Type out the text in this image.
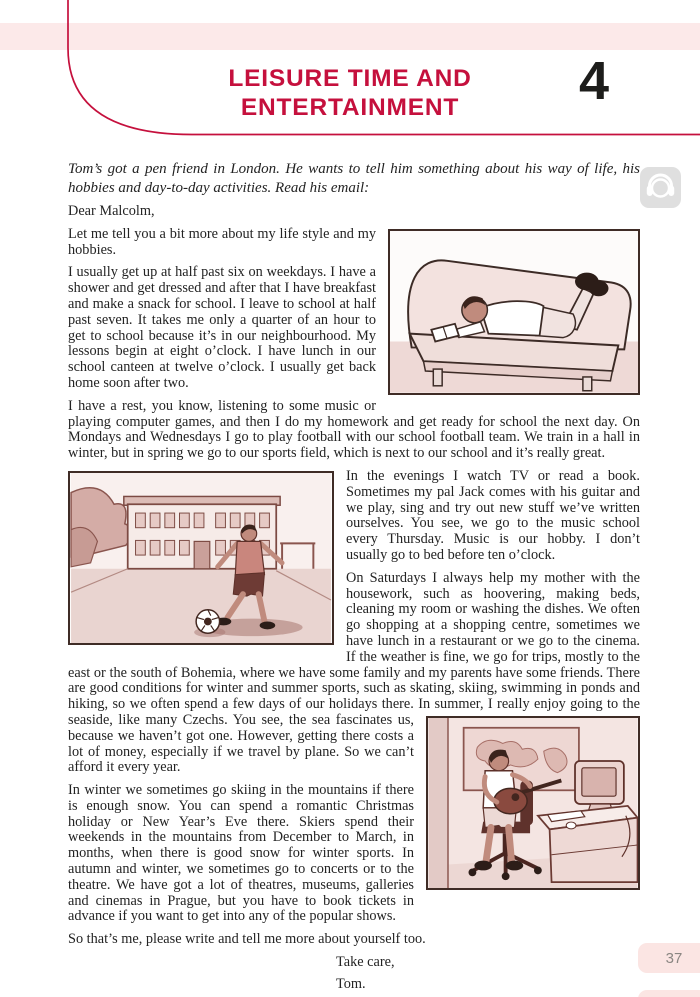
LEISURE TIME AND
ENTERTAINMENT	4

Tom’s got a pen friend in London. He wants to tell him something about his way of life, his hobbies and day-to-day activities. Read his email:

Dear Malcolm,

Let me tell you a bit more about my life style and my hobbies.

I usually get up at half past six on weekdays. I have a shower and get dressed and after that I have breakfast and make a snack for school. I leave to school at half past seven. It takes me only a quarter of an hour to get to school because it’s in our neighbourhood. My lessons begin at eight o’clock. I have lunch in our school canteen at twelve o’clock. I usually get back home soon after two.

I have a rest, you know, listening to some music or playing computer games, and then I do my homework and get ready for school the next day. On Mondays and Wednesdays I go to play football with our school football team. We train in a hall in winter, but in spring we go to our sports field, which is next to our school and it’s really great.

In the evenings I watch TV or read a book. Sometimes my pal Jack comes with his guitar and we play, sing and try out new stuff we’ve written ourselves. You see, we go to the music school every Thursday. Music is our hobby. I don’t usually go to bed before ten o’clock.

On Saturdays I always help my mother with the housework, such as hoovering, making beds, cleaning my room or washing the dishes. We often go shopping at a shopping centre, sometimes we have lunch in a restaurant or we go to the cinema. If the weather is fine, we go for trips, mostly to the east or the south of Bohemia, where we have some family and my parents have some friends. There are good conditions for winter and summer sports, such as skating, skiing, swimming in ponds and hiking, so we often spend a few days of our holidays there. In summer, I really enjoy going to the seaside, like many Czechs. You see, the sea fascinates us, because we haven’t got one. However, getting there costs a lot of money, especially if we travel by plane. So we can’t afford it every year.

In winter we sometimes go skiing in the mountains if there is enough snow. You can spend a romantic Christmas holiday or New Year’s Eve there. Skiers spend their weekends in the mountains from December to March, in months, when there is good snow for winter sports. In autumn and winter, we sometimes go to concerts or to the theatre. We have got a lot of theatres, museums, galleries and cinemas in Prague, but you have to book tickets in advance if you want to get into any of the popular shows.

So that’s me, please write and tell me more about yourself too.

Take care,

Tom.

37
